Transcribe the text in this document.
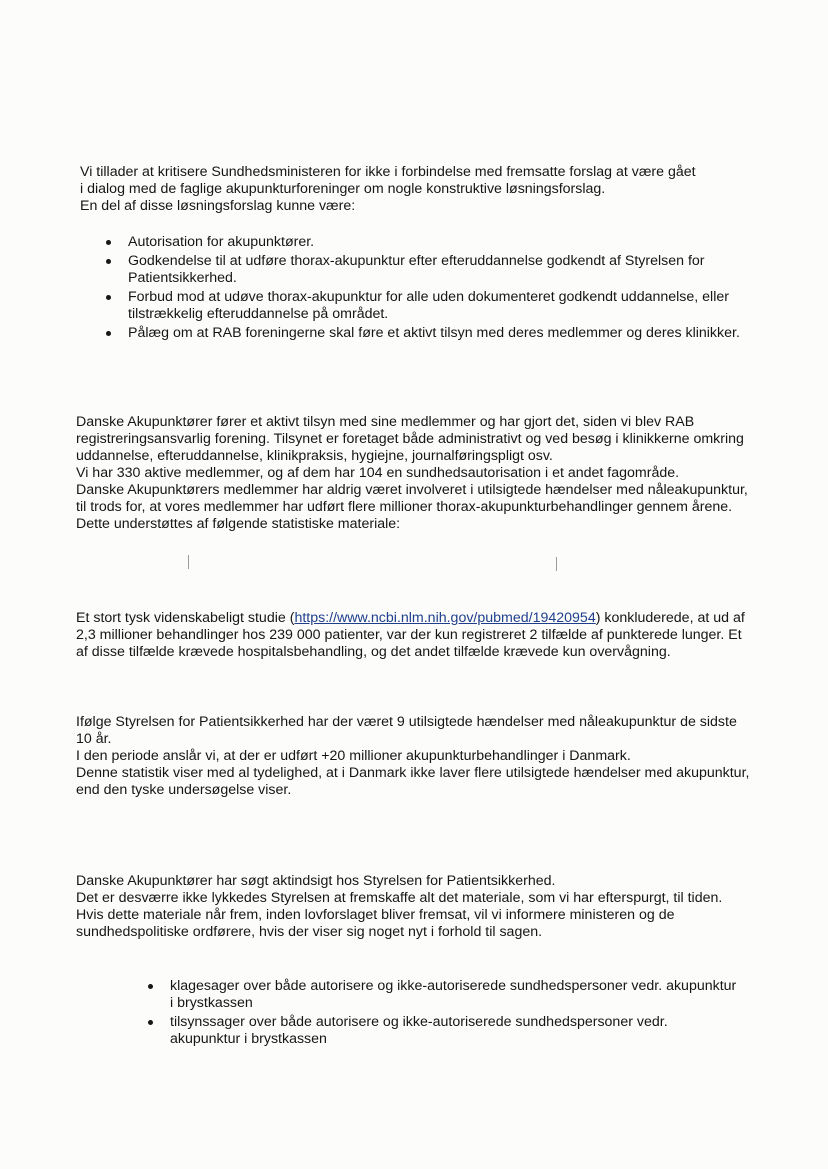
Vi tillader at kritisere Sundhedsministeren for ikke i forbindelse med fremsatte forslag at være gået

i dialog med de faglige akupunkturforeninger om nogle konstruktive løsningsforslag.

En del af disse løsningsforslag kunne være:

Autorisation for akupunktører.
Godkendelse til at udføre thorax-akupunktur efter efteruddannelse godkendt af Styrelsen for Patientsikkerhed.
Forbud mod at udøve thorax-akupunktur for alle uden dokumenteret godkendt uddannelse, eller tilstrækkelig efteruddannelse på området.
Pålæg om at RAB foreningerne skal føre et aktivt tilsyn med deres medlemmer og deres klinikker.

Danske Akupunktører fører et aktivt tilsyn med sine medlemmer og har gjort det, siden vi blev RAB registreringsansvarlig forening. Tilsynet er foretaget både administrativt og ved besøg i klinikkerne omkring uddannelse, efteruddannelse, klinikpraksis, hygiejne, journalføringspligt osv.

Vi har 330 aktive medlemmer, og af dem har 104 en sundhedsautorisation i et andet fagområde.

Danske Akupunktørers medlemmer har aldrig været involveret i utilsigtede hændelser med nåleakupunktur, til trods for, at vores medlemmer har udført flere millioner thorax-akupunkturbehandlinger gennem årene.

Dette understøttes af følgende statistiske materiale:

Et stort tysk videnskabeligt studie (https://www.ncbi.nlm.nih.gov/pubmed/19420954) konkluderede, at ud af 2,3 millioner behandlinger hos 239 000 patienter, var der kun registreret 2 tilfælde af punkterede lunger. Et af disse tilfælde krævede hospitalsbehandling, og det andet tilfælde krævede kun overvågning.

Ifølge Styrelsen for Patientsikkerhed har der været 9 utilsigtede hændelser med nåleakupunktur de sidste 10 år.

I den periode anslår vi, at der er udført +20 millioner akupunkturbehandlinger i Danmark.

Denne statistik viser med al tydelighed, at i Danmark ikke laver flere utilsigtede hændelser med akupunktur, end den tyske undersøgelse viser.

Danske Akupunktører har søgt aktindsigt hos Styrelsen for Patientsikkerhed.

Det er desværre ikke lykkedes Styrelsen at fremskaffe alt det materiale, som vi har efterspurgt, til tiden.

Hvis dette materiale når frem, inden lovforslaget bliver fremsat, vil vi informere ministeren og de sundhedspolitiske ordførere, hvis der viser sig noget nyt i forhold til sagen.

klagesager over både autorisere og ikke-autoriserede sundhedspersoner vedr. akupunktur i brystkassen
tilsynssager over både autorisere og ikke-autoriserede sundhedspersoner vedr. akupunktur i brystkassen
